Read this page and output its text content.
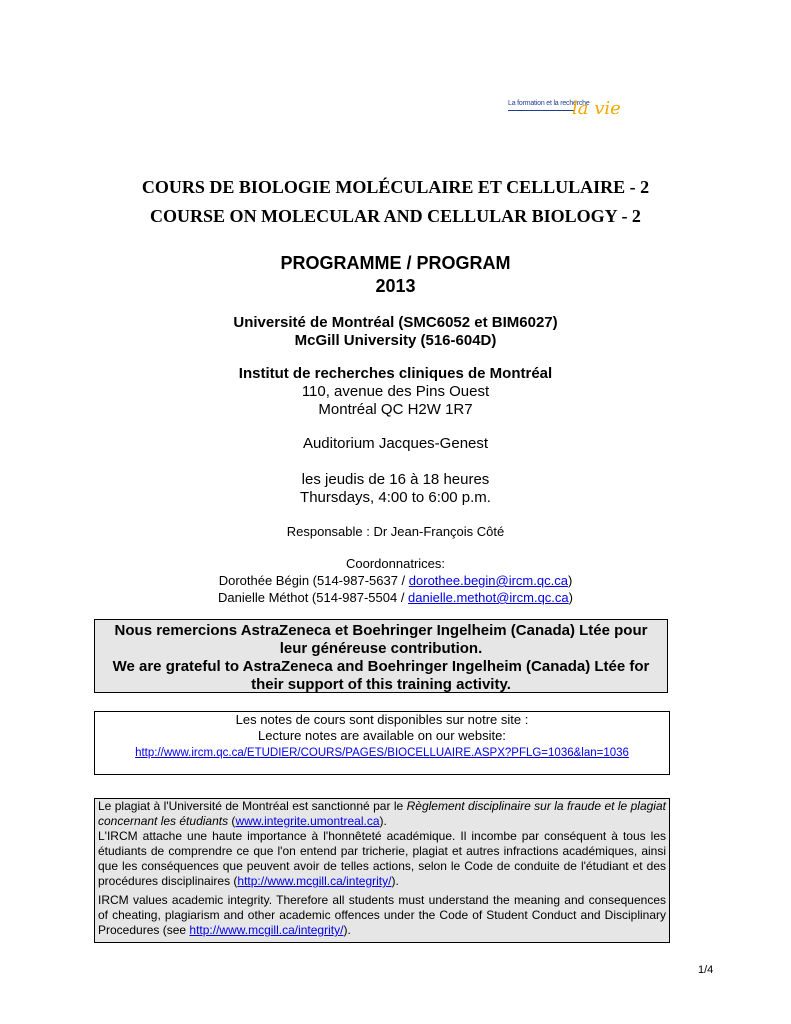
La formation et la recherche
la vie
COURS DE BIOLOGIE MOLÉCULAIRE ET CELLULAIRE - 2
COURSE ON MOLECULAR AND CELLULAR BIOLOGY - 2
PROGRAMME / PROGRAM
2013
Université de Montréal (SMC6052 et BIM6027)
McGill University (516-604D)
Institut de recherches cliniques de Montréal
110, avenue des Pins Ouest
Montréal QC H2W 1R7
Auditorium Jacques-Genest
les jeudis de 16 à 18 heures
Thursdays, 4:00 to 6:00 p.m.
Responsable : Dr Jean-François Côté
Coordonnatrices:
Dorothée Bégin (514-987-5637 / dorothee.begin@ircm.qc.ca)
Danielle Méthot (514-987-5504 / danielle.methot@ircm.qc.ca)
Nous remercions AstraZeneca et Boehringer Ingelheim (Canada) Ltée pour
leur généreuse contribution.
We are grateful to AstraZeneca and Boehringer Ingelheim (Canada) Ltée for
their support of this training activity.
Les notes de cours sont disponibles sur notre site :
Lecture notes are available on our website:
http://www.ircm.qc.ca/ETUDIER/COURS/PAGES/BIOCELLUAIRE.ASPX?PFLG=1036&lan=1036

Le plagiat à l'Université de Montréal est sanctionné par le Règlement disciplinaire sur la fraude et le plagiat concernant les étudiants (www.integrite.umontreal.ca).

L'IRCM attache une haute importance à l'honnêteté académique. Il incombe par conséquent à tous les étudiants de comprendre ce que l'on entend par tricherie, plagiat et autres infractions académiques, ainsi que les conséquences que peuvent avoir de telles actions, selon le Code de conduite de l'étudiant et des procédures disciplinaires (http://www.mcgill.ca/integrity/).

IRCM values academic integrity. Therefore all students must understand the meaning and consequences of cheating, plagiarism and other academic offences under the Code of Student Conduct and Disciplinary Procedures (see http://www.mcgill.ca/integrity/).

1/4
